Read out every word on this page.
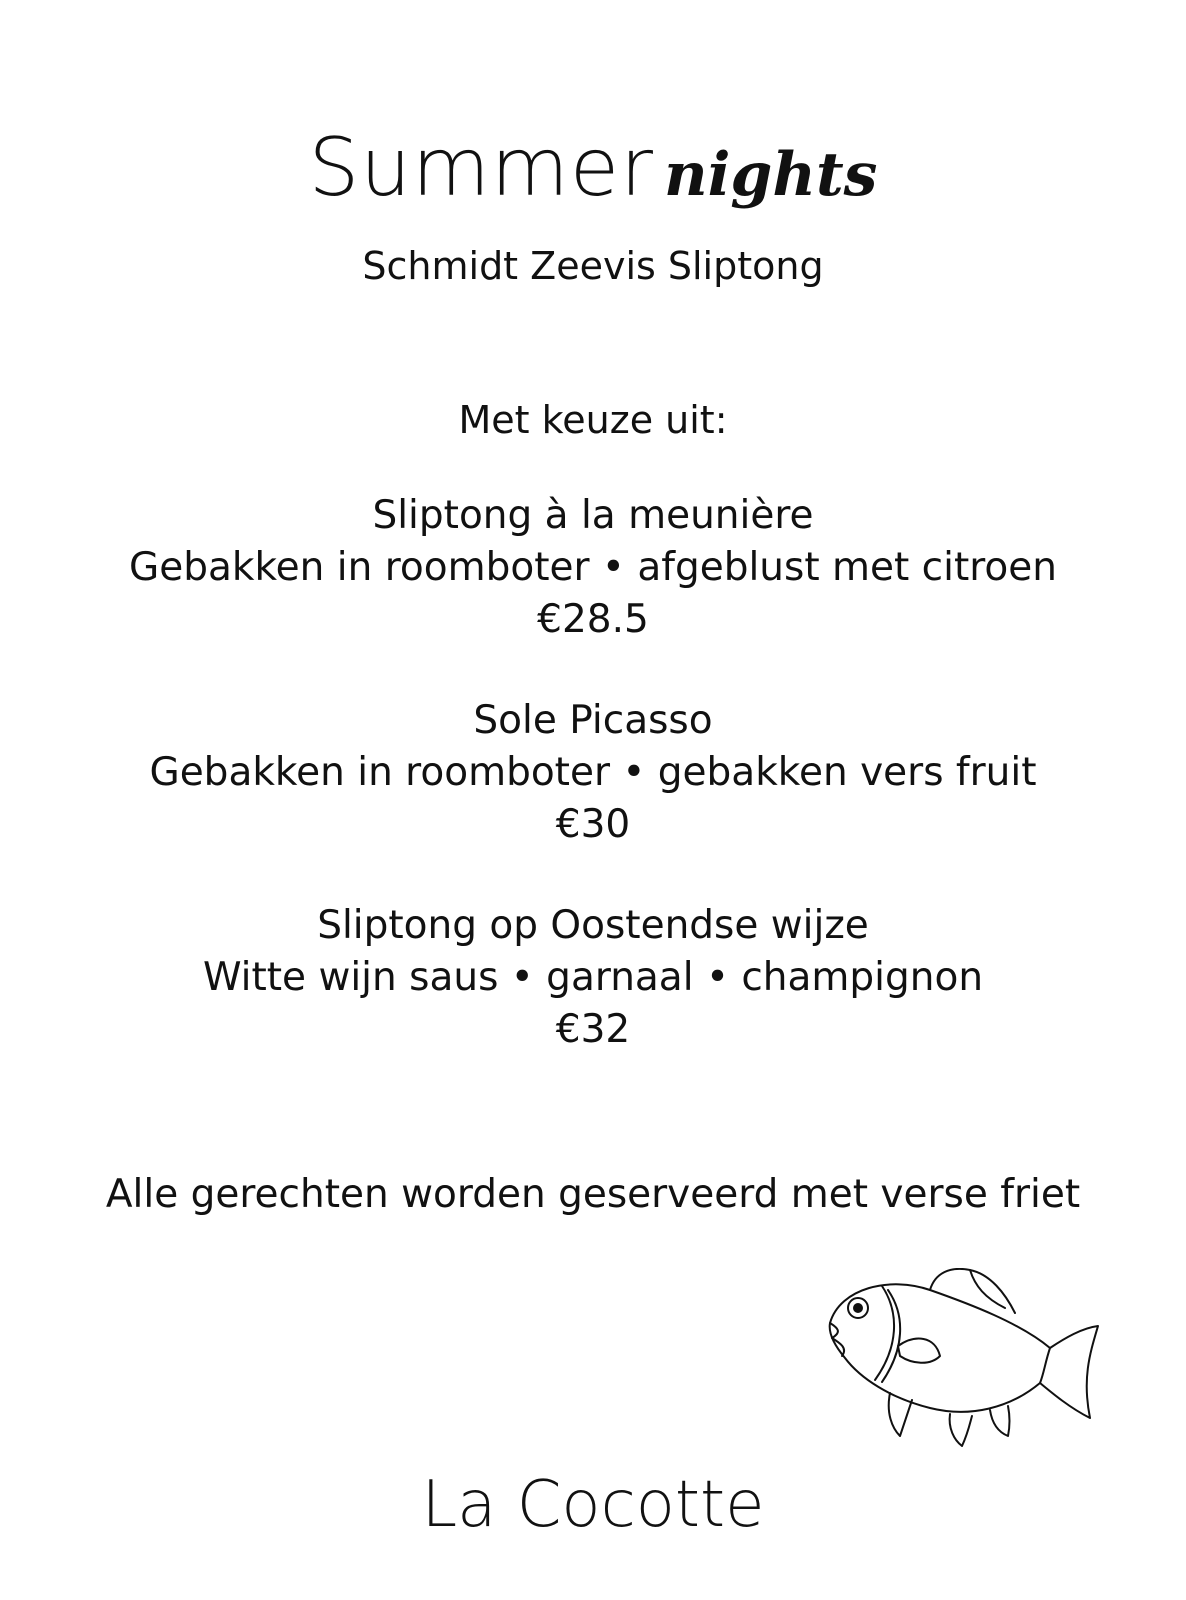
Summer nights
Schmidt Zeevis Sliptong
Met keuze uit:
Sliptong à la meunière
Gebakken in roomboter • afgeblust met citroen
€28.5
Sole Picasso
Gebakken in roomboter • gebakken vers fruit
€30
Sliptong op Oostendse wijze
Witte wijn saus • garnaal • champignon
€32
Alle gerechten worden geserveerd met verse friet
La Cocotte
